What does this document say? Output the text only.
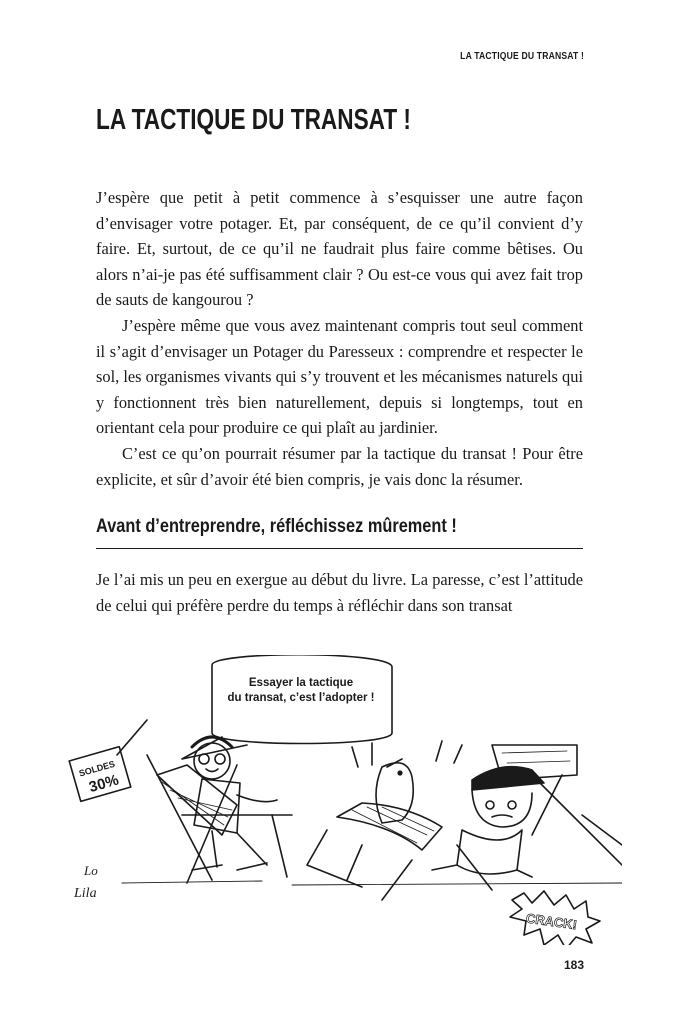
LA TACTIQUE DU TRANSAT !
LA TACTIQUE DU TRANSAT !

J’espère que petit à petit commence à s’esquisser une autre façon d’envisager votre potager. Et, par conséquent, de ce qu’il convient d’y faire. Et, surtout, de ce qu’il ne faudrait plus faire comme bêtises. Ou alors n’ai-je pas été suffisamment clair ? Ou est-ce vous qui avez fait trop de sauts de kangourou ?

J’espère même que vous avez maintenant compris tout seul comment il s’agit d’envisager un Potager du Paresseux : comprendre et respecter le sol, les organismes vivants qui s’y trouvent et les mécanismes naturels qui y fonctionnent très bien naturellement, depuis si longtemps, tout en orientant cela pour produire ce qui plaît au jardinier.

C’est ce qu’on pourrait résumer par la tactique du transat ! Pour être explicite, et sûr d’avoir été bien compris, je vais donc la résumer.

Avant d’entreprendre, réfléchissez mûrement !

Je l’ai mis un peu en exergue au début du livre. La paresse, c’est l’attitude de celui qui préfère perdre du temps à réfléchir dans son transat

SOLDES
30%
CRACK!
Lo
Lila
Essayer la tactique
du transat, c’est l’adopter !
183
